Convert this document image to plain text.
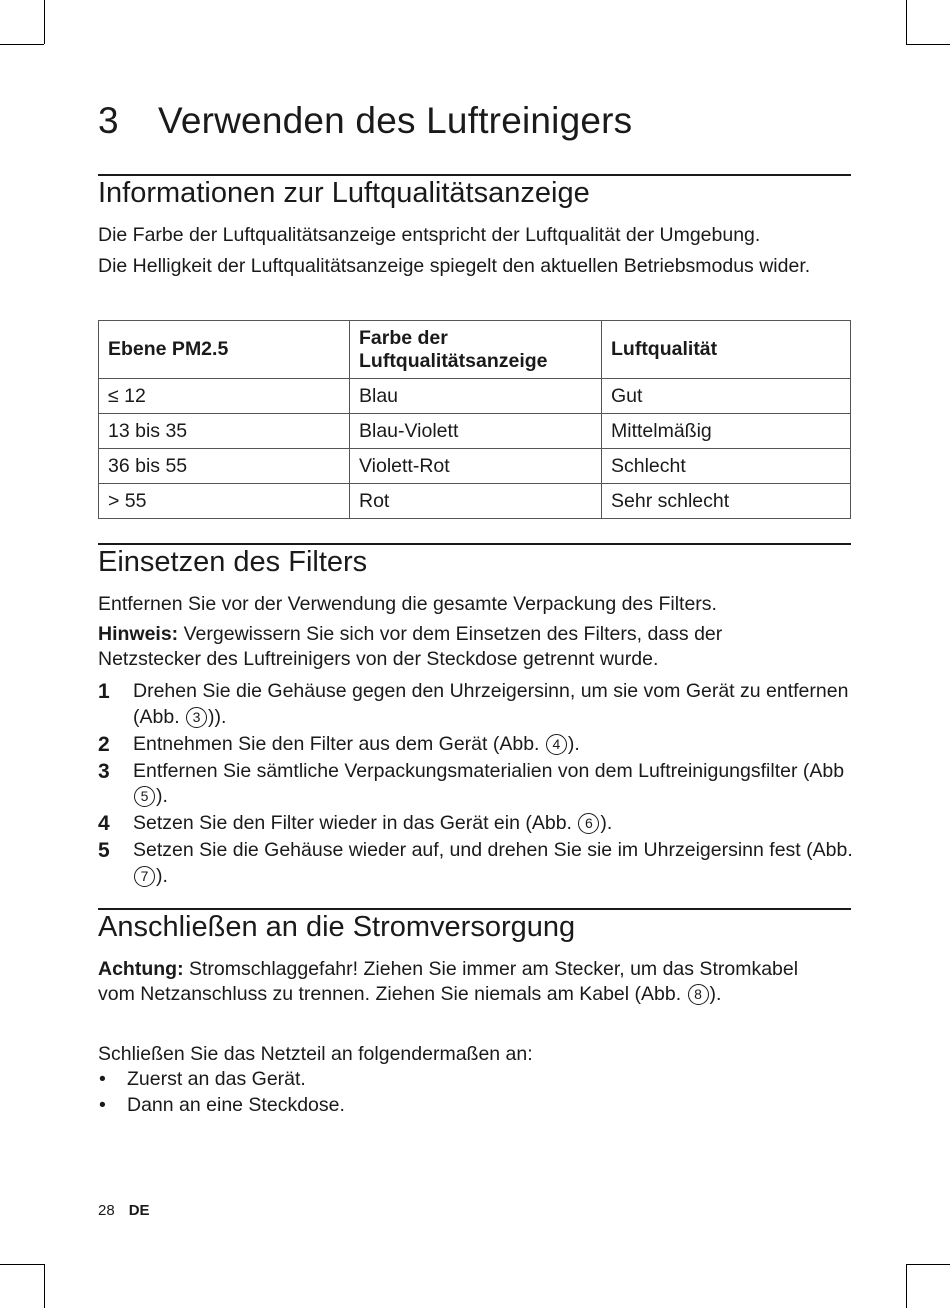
3 Verwenden des Luftreinigers
Informationen zur Luftqualitätsanzeige

Die Farbe der Luftqualitätsanzeige entspricht der Luftqualität der Umgebung.

Die Helligkeit der Luftqualitätsanzeige spiegelt den aktuellen Betriebsmodus wider.

Ebene PM2.5	Farbe der Luftqualitätsanzeige	Luftqualität
≤ 12	Blau	Gut
13 bis 35	Blau-Violett	Mittelmäßig
36 bis 55	Violett-Rot	Schlecht
> 55	Rot	Sehr schlecht
Einsetzen des Filters

Entfernen Sie vor der Verwendung die gesamte Verpackung des Filters.

Hinweis: Vergewissern Sie sich vor dem Einsetzen des Filters, dass der Netzstecker des Luftreinigers von der Steckdose getrennt wurde.

1 Drehen Sie die Gehäuse gegen den Uhrzeigersinn, um sie vom Gerät zu entfernen (Abb. 3 )).
2 Entnehmen Sie den Filter aus dem Gerät (Abb. 4 ).
3 Entfernen Sie sämtliche Verpackungsmaterialien von dem Luftreinigungsfilter (Abb 5 ).
4 Setzen Sie den Filter wieder in das Gerät ein (Abb. 6 ).
5 Setzen Sie die Gehäuse wieder auf, und drehen Sie sie im Uhrzeigersinn fest (Abb. 7 ).
Anschließen an die Stromversorgung

Achtung: Stromschlaggefahr! Ziehen Sie immer am Stecker, um das Stromkabel vom Netzanschluss zu trennen. Ziehen Sie niemals am Kabel (Abb. 8 ).

Schließen Sie das Netzteil an folgendermaßen an:

• Zuerst an das Gerät.
• Dann an eine Steckdose.
28 DE
